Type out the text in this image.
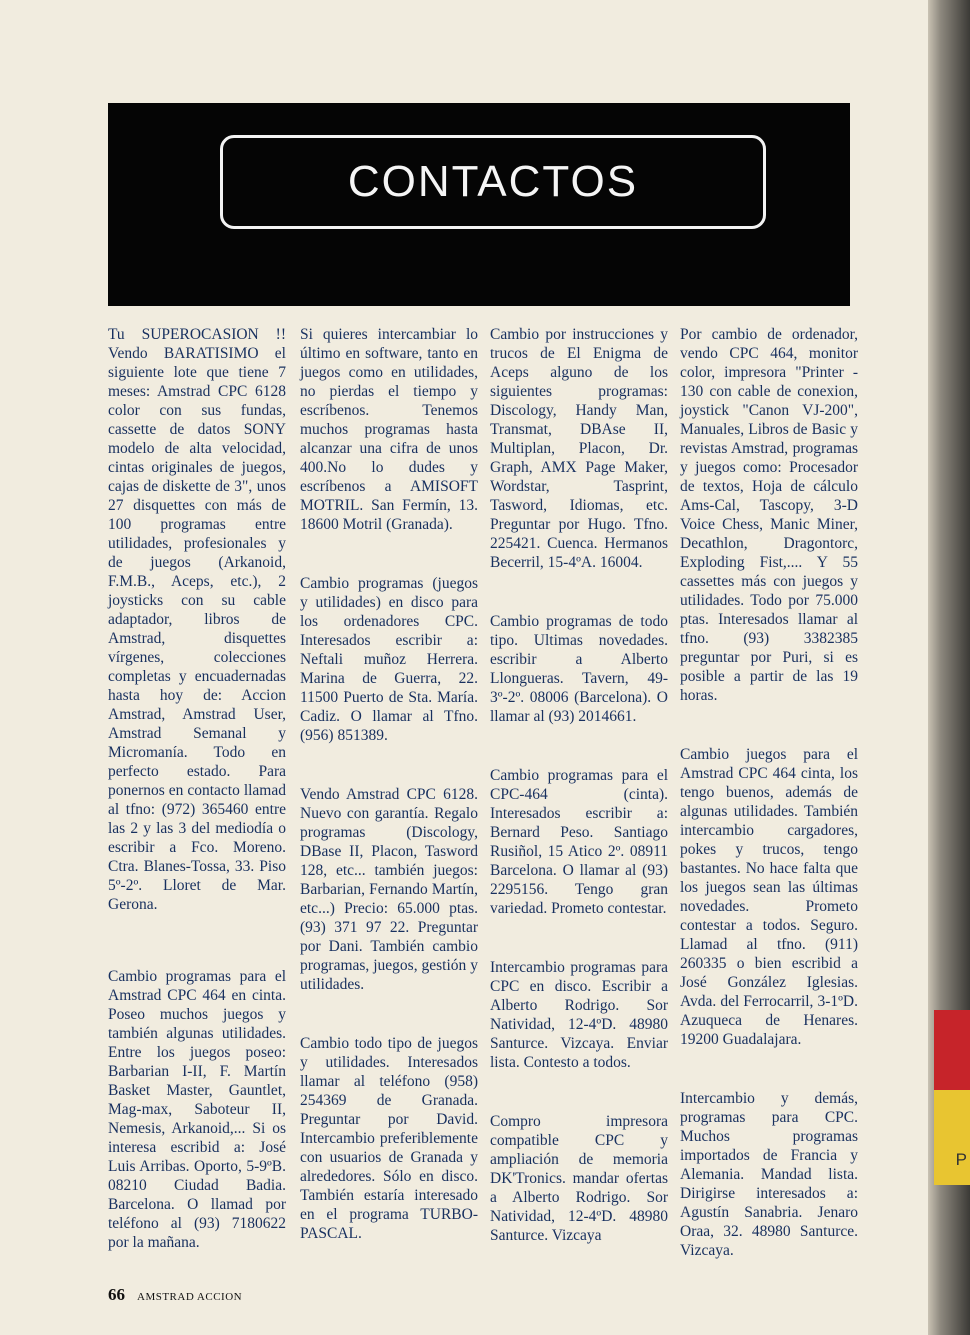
P
CONTACTOS

Tu SUPEROCASION !! Vendo BARATISIMO el siguiente lote que tiene 7 meses: Amstrad CPC 6128 color con sus fundas, cassette de datos SONY modelo de alta velocidad, cintas originales de juegos, cajas de diskette de 3", unos 27 disquettes con más de 100 programas entre utilidades, profesionales y de juegos (Arkanoid, F.M.B., Aceps, etc.), 2 joysticks con su cable adaptador, libros de Amstrad, disquettes vírgenes, colecciones completas y encuadernadas hasta hoy de: Accion Amstrad, Amstrad User, Amstrad Semanal y Micromanía. Todo en perfecto estado. Para ponernos en contacto llamad al tfno: (972) 365460 entre las 2 y las 3 del mediodía o escribir a Fco. Moreno. Ctra. Blanes-Tossa, 33. Piso 5º-2º. Lloret de Mar. Gerona.

Cambio programas para el Amstrad CPC 464 en cinta. Poseo muchos juegos y también algunas utilidades. Entre los juegos poseo: Barbarian I-II, F. Martín Basket Master, Gauntlet, Mag-max, Saboteur II, Nemesis, Arkanoid,... Si os interesa escribid a: José Luis Arribas. Oporto, 5-9ºB. 08210 Ciudad Badia. Barcelona. O llamad por teléfono al (93) 7180622 por la mañana.

Si quieres intercambiar lo último en software, tanto en juegos como en utilidades, no pierdas el tiempo y escríbenos. Tenemos muchos programas hasta alcanzar una cifra de unos 400.No lo dudes y escríbenos a AMISOFT MOTRIL. San Fermín, 13. 18600 Motril (Granada).

Cambio programas (juegos y utilidades) en disco para los ordenadores CPC. Interesados escribir a: Neftali muñoz Herrera. Marina de Guerra, 22. 11500 Puerto de Sta. María. Cadiz. O llamar al Tfno. (956) 851389.

Vendo Amstrad CPC 6128. Nuevo con garantía. Regalo programas (Discology, DBase II, Placon, Tasword 128, etc... también juegos: Barbarian, Fernando Martín, etc...) Precio: 65.000 ptas. (93) 371 97 22. Preguntar por Dani. También cambio programas, juegos, gestión y utilidades.

Cambio todo tipo de juegos y utilidades. Interesados llamar al teléfono (958) 254369 de Granada. Preguntar por David. Intercambio preferiblemente con usuarios de Granada y alrededores. Sólo en disco. También estaría interesado en el programa TURBO-PASCAL.

Cambio por instrucciones y trucos de El Enigma de Aceps alguno de los siguientes programas: Discology, Handy Man, Transmat, DBAse II, Multiplan, Placon, Dr. Graph, AMX Page Maker, Wordstar, Tasprint, Tasword, Idiomas, etc. Preguntar por Hugo. Tfno. 225421. Cuenca. Hermanos Becerril, 15-4ºA. 16004.

Cambio programas de todo tipo. Ultimas novedades. escribir a Alberto Llongueras. Tavern, 49-3º-2º. 08006 (Barcelona). O llamar al (93) 2014661.

Cambio programas para el CPC-464 (cinta). Interesados escribir a: Bernard Peso. Santiago Rusiñol, 15 Atico 2º. 08911 Barcelona. O llamar al (93) 2295156. Tengo gran variedad. Prometo contestar.

Intercambio programas para CPC en disco. Escribir a Alberto Rodrigo. Sor Natividad, 12-4ºD. 48980 Santurce. Vizcaya. Enviar lista. Contesto a todos.

Compro impresora compatible CPC y ampliación de memoria DK'Tronics. mandar ofertas a Alberto Rodrigo. Sor Natividad, 12-4ºD. 48980 Santurce. Vizcaya

Por cambio de ordenador, vendo CPC 464, monitor color, impresora "Printer - 130 con cable de conexion, joystick "Canon VJ-200", Manuales, Libros de Basic y revistas Amstrad, programas y juegos como: Procesador de textos, Hoja de cálculo Ams-Cal, Tascopy, 3-D Voice Chess, Manic Miner, Decathlon, Dragontorc, Exploding Fist,.... Y 55 cassettes más con juegos y utilidades. Todo por 75.000 ptas. Interesados llamar al tfno. (93) 3382385 preguntar por Puri, si es posible a partir de las 19 horas.

Cambio juegos para el Amstrad CPC 464 cinta, los tengo buenos, además de algunas utilidades. También intercambio cargadores, pokes y trucos, tengo bastantes. No hace falta que los juegos sean las últimas novedades. Prometo contestar a todos. Seguro. Llamad al tfno. (911) 260335 o bien escribid a José González Iglesias. Avda. del Ferrocarril, 3-1ºD. Azuqueca de Henares. 19200 Guadalajara.

Intercambio y demás, programas para CPC. Muchos programas importados de Francia y Alemania. Mandad lista. Dirigirse interesados a: Agustín Sanabria. Jenaro Oraa, 32. 48980 Santurce. Vizcaya.

66 AMSTRAD ACCION
